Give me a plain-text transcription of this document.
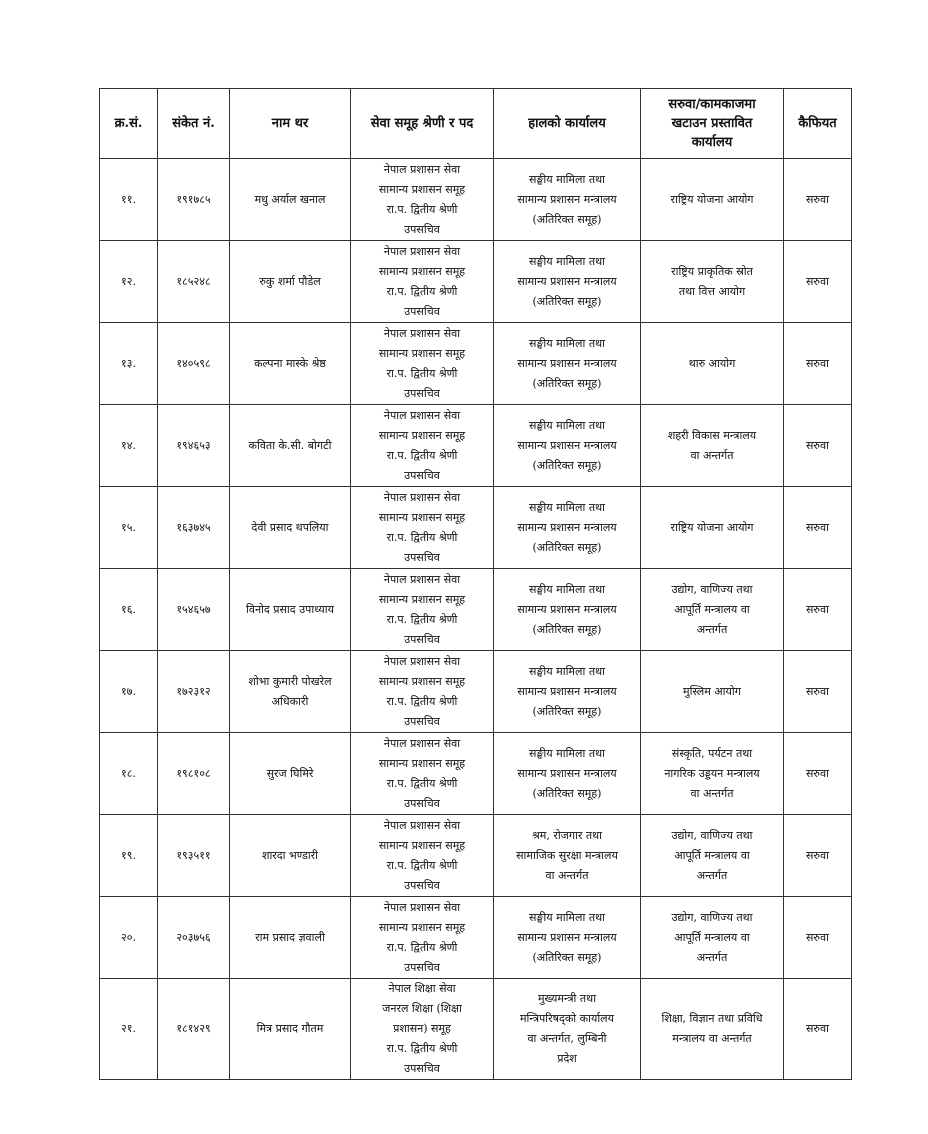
क्र.सं.	संकेत नं.	नाम थर	सेवा समूह श्रेणी र पद	हालको कार्यालय	सरुवा/कामकाजमा खटाउन प्रस्तावित कार्यालय	कैफियत
११.	१९१७८५	मधु अर्याल खनाल	नेपाल प्रशासन सेवा
सामान्य प्रशासन समूह
रा.प. द्वितीय श्रेणी
उपसचिव	सङ्घीय मामिला तथा
सामान्य प्रशासन मन्त्रालय
(अतिरिक्त समूह)	राष्ट्रिय योजना आयोग	सरुवा
१२.	१८५२४८	रुकु शर्मा पौडेल	नेपाल प्रशासन सेवा
सामान्य प्रशासन समूह
रा.प. द्वितीय श्रेणी
उपसचिव	सङ्घीय मामिला तथा
सामान्य प्रशासन मन्त्रालय
(अतिरिक्त समूह)	राष्ट्रिय प्राकृतिक स्रोत
तथा वित्त आयोग	सरुवा
१३.	१४०५९८	कल्पना मास्के श्रेष्ठ	नेपाल प्रशासन सेवा
सामान्य प्रशासन समूह
रा.प. द्वितीय श्रेणी
उपसचिव	सङ्घीय मामिला तथा
सामान्य प्रशासन मन्त्रालय
(अतिरिक्त समूह)	थारु आयोग	सरुवा
१४.	१९४६५३	कविता के.सी. बोगटी	नेपाल प्रशासन सेवा
सामान्य प्रशासन समूह
रा.प. द्वितीय श्रेणी
उपसचिव	सङ्घीय मामिला तथा
सामान्य प्रशासन मन्त्रालय
(अतिरिक्त समूह)	शहरी विकास मन्त्रालय
वा अन्तर्गत	सरुवा
१५.	१६३७४५	देवी प्रसाद थपलिया	नेपाल प्रशासन सेवा
सामान्य प्रशासन समूह
रा.प. द्वितीय श्रेणी
उपसचिव	सङ्घीय मामिला तथा
सामान्य प्रशासन मन्त्रालय
(अतिरिक्त समूह)	राष्ट्रिय योजना आयोग	सरुवा
१६.	१५४६५७	विनोद प्रसाद उपाध्याय	नेपाल प्रशासन सेवा
सामान्य प्रशासन समूह
रा.प. द्वितीय श्रेणी
उपसचिव	सङ्घीय मामिला तथा
सामान्य प्रशासन मन्त्रालय
(अतिरिक्त समूह)	उद्योग, वाणिज्य तथा
आपूर्ति मन्त्रालय वा
अन्तर्गत	सरुवा
१७.	१७२३१२	शोभा कुमारी पोखरेल अधिकारी	नेपाल प्रशासन सेवा
सामान्य प्रशासन समूह
रा.प. द्वितीय श्रेणी
उपसचिव	सङ्घीय मामिला तथा
सामान्य प्रशासन मन्त्रालय
(अतिरिक्त समूह)	मुस्लिम आयोग	सरुवा
१८.	१९८१०८	सुरज घिमिरे	नेपाल प्रशासन सेवा
सामान्य प्रशासन समूह
रा.प. द्वितीय श्रेणी
उपसचिव	सङ्घीय मामिला तथा
सामान्य प्रशासन मन्त्रालय
(अतिरिक्त समूह)	संस्कृति, पर्यटन तथा
नागरिक उड्डयन मन्त्रालय
वा अन्तर्गत	सरुवा
१९.	१९३५११	शारदा भण्डारी	नेपाल प्रशासन सेवा
सामान्य प्रशासन समूह
रा.प. द्वितीय श्रेणी
उपसचिव	श्रम, रोजगार तथा
सामाजिक सुरक्षा मन्त्रालय
वा अन्तर्गत	उद्योग, वाणिज्य तथा
आपूर्ति मन्त्रालय वा
अन्तर्गत	सरुवा
२०.	२०३७५६	राम प्रसाद ज्ञवाली	नेपाल प्रशासन सेवा
सामान्य प्रशासन समूह
रा.प. द्वितीय श्रेणी
उपसचिव	सङ्घीय मामिला तथा
सामान्य प्रशासन मन्त्रालय
(अतिरिक्त समूह)	उद्योग, वाणिज्य तथा
आपूर्ति मन्त्रालय वा
अन्तर्गत	सरुवा
२१.	१८१४२९	मित्र प्रसाद गौतम	नेपाल शिक्षा सेवा
जनरल शिक्षा (शिक्षा
प्रशासन) समूह
रा.प. द्वितीय श्रेणी
उपसचिव	मुख्यमन्त्री तथा
मन्त्रिपरिषद्को कार्यालय
वा अन्तर्गत, लुम्बिनी
प्रदेश	शिक्षा, विज्ञान तथा प्रविधि
मन्त्रालय वा अन्तर्गत	सरुवा
